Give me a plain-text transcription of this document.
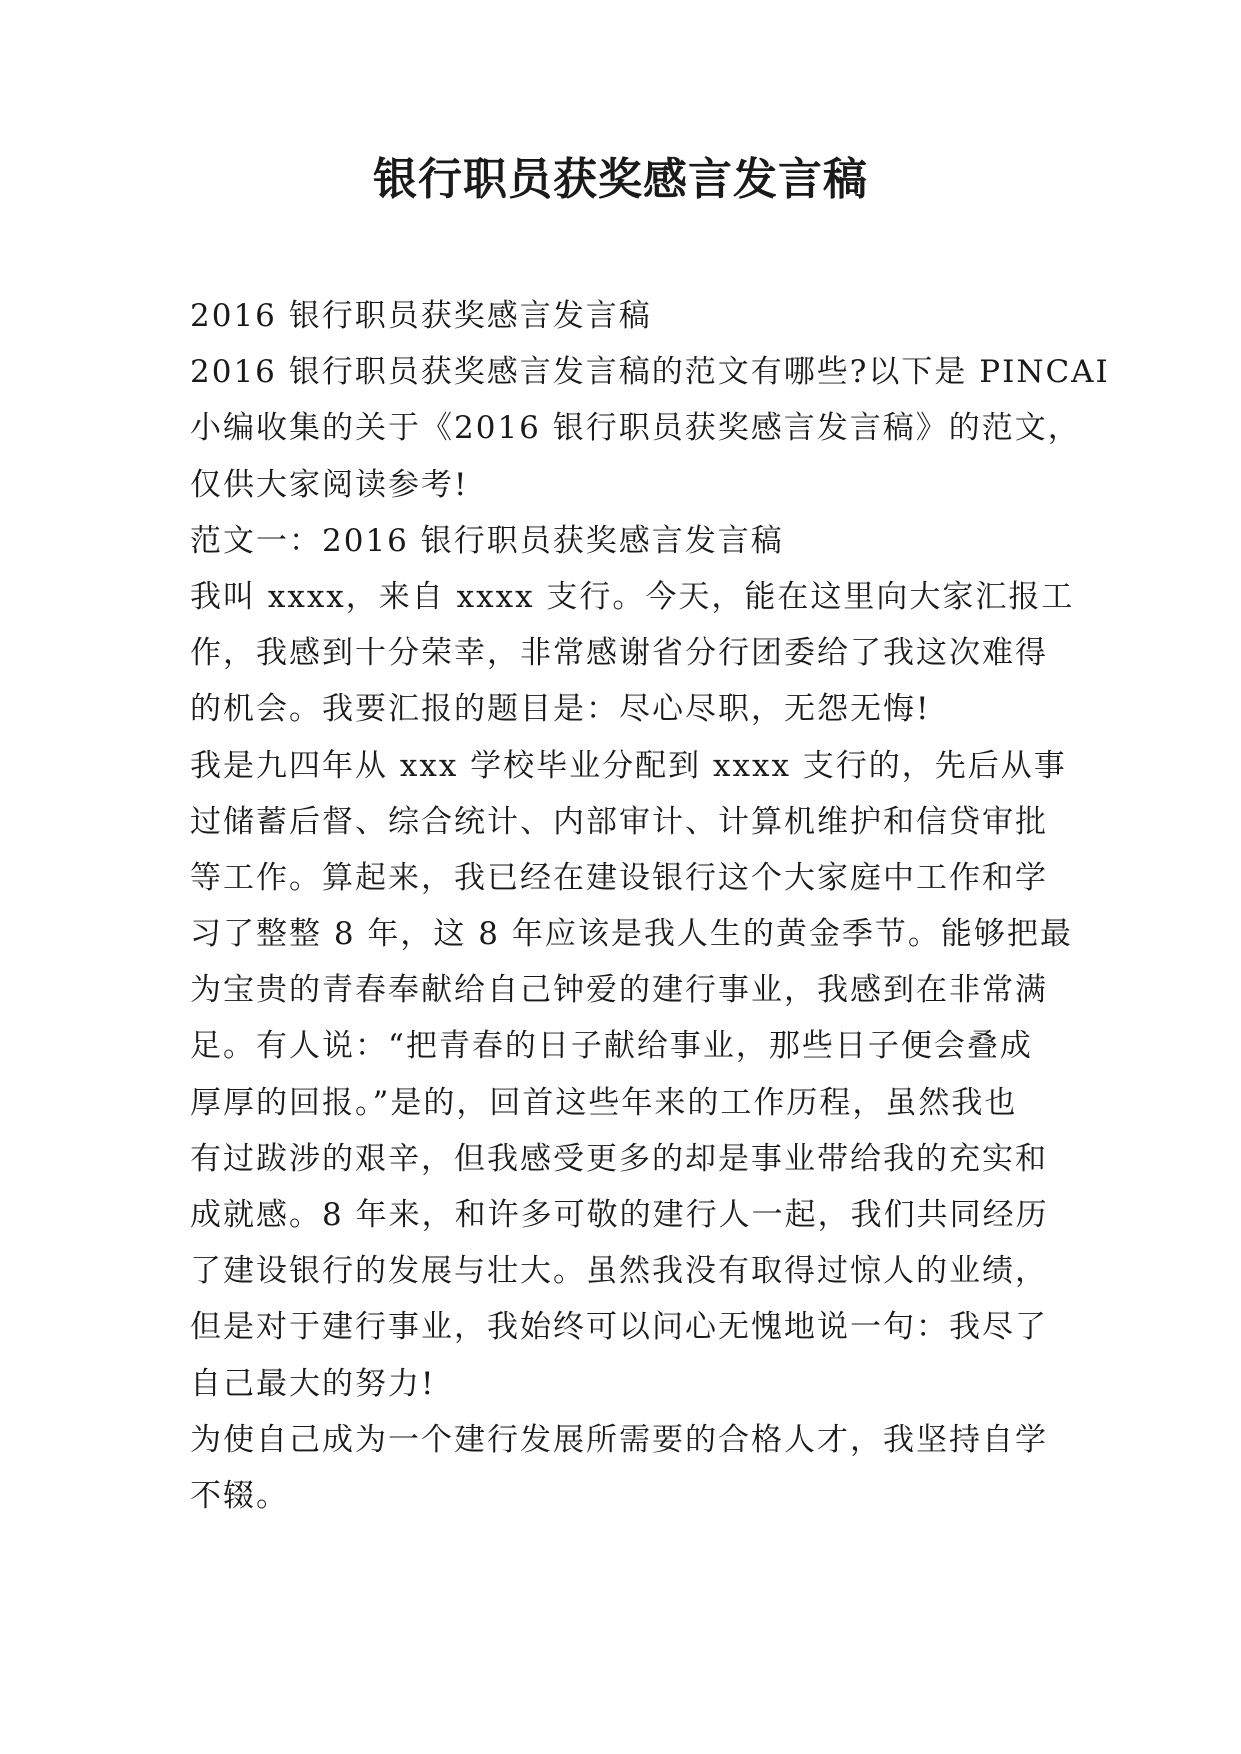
银行职员获奖感言发言稿
2016 银行职员获奖感言发言稿
2016 银行职员获奖感言发言稿的范文有哪些?以下是 PINCAI
小编收集的关于《2016 银行职员获奖感言发言稿》的范文，
仅供大家阅读参考!
范文一：2016 银行职员获奖感言发言稿
我叫 xxxx，来自 xxxx 支行。今天，能在这里向大家汇报工
作，我感到十分荣幸，非常感谢省分行团委给了我这次难得
的机会。我要汇报的题目是：尽心尽职，无怨无悔!
我是九四年从 xxx 学校毕业分配到 xxxx 支行的，先后从事
过储蓄后督、综合统计、内部审计、计算机维护和信贷审批
等工作。算起来，我已经在建设银行这个大家庭中工作和学
习了整整 8 年，这 8 年应该是我人生的黄金季节。能够把最
为宝贵的青春奉献给自己钟爱的建行事业，我感到在非常满
足。有人说：“把青春的日子献给事业，那些日子便会叠成
厚厚的回报。”是的，回首这些年来的工作历程，虽然我也
有过跋涉的艰辛，但我感受更多的却是事业带给我的充实和
成就感。8 年来，和许多可敬的建行人一起，我们共同经历
了建设银行的发展与壮大。虽然我没有取得过惊人的业绩，
但是对于建行事业，我始终可以问心无愧地说一句：我尽了
自己最大的努力!
为使自己成为一个建行发展所需要的合格人才，我坚持自学
不辍。
